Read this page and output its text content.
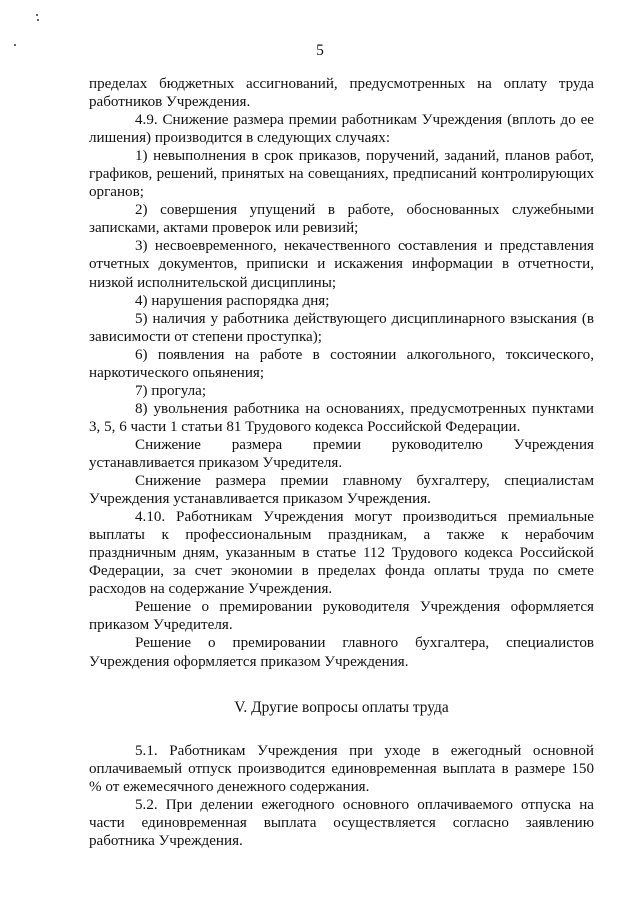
5

пределах бюджетных ассигнований, предусмотренных на оплату труда работников Учреждения.

4.9. Снижение размера премии работникам Учреждения (вплоть до ее лишения) производится в следующих случаях:

1) невыполнения в срок приказов, поручений, заданий, планов работ, графиков, решений, принятых на совещаниях, предписаний контролирующих органов;

2) совершения упущений в работе, обоснованных служебными записками, актами проверок или ревизий;

3) несвоевременного, некачественного составления и представления отчетных документов, приписки и искажения информации в отчетности, низкой исполнительской дисциплины;

4) нарушения распорядка дня;

5) наличия у работника действующего дисциплинарного взыскания (в зависимости от степени проступка);

6) появления на работе в состоянии алкогольного, токсического, наркотического опьянения;

7) прогула;

8) увольнения работника на основаниях, предусмотренных пунктами 3, 5, 6 части 1 статьи 81 Трудового кодекса Российской Федерации.

Снижение размера премии руководителю Учреждения устанавливается приказом Учредителя.

Снижение размера премии главному бухгалтеру, специалистам Учреждения устанавливается приказом Учреждения.

4.10. Работникам Учреждения могут производиться премиальные выплаты к профессиональным праздникам, а также к нерабочим праздничным дням, указанным в статье 112 Трудового кодекса Российской Федерации, за счет экономии в пределах фонда оплаты труда по смете расходов на содержание Учреждения.

Решение о премировании руководителя Учреждения оформляется приказом Учредителя.

Решение о премировании главного бухгалтера, специалистов Учреждения оформляется приказом Учреждения.

V. Другие вопросы оплаты труда

5.1. Работникам Учреждения при уходе в ежегодный основной оплачиваемый отпуск производится единовременная выплата в размере 150 % от ежемесячного денежного содержания.

5.2. При делении ежегодного основного оплачиваемого отпуска на части единовременная выплата осуществляется согласно заявлению работника Учреждения.
